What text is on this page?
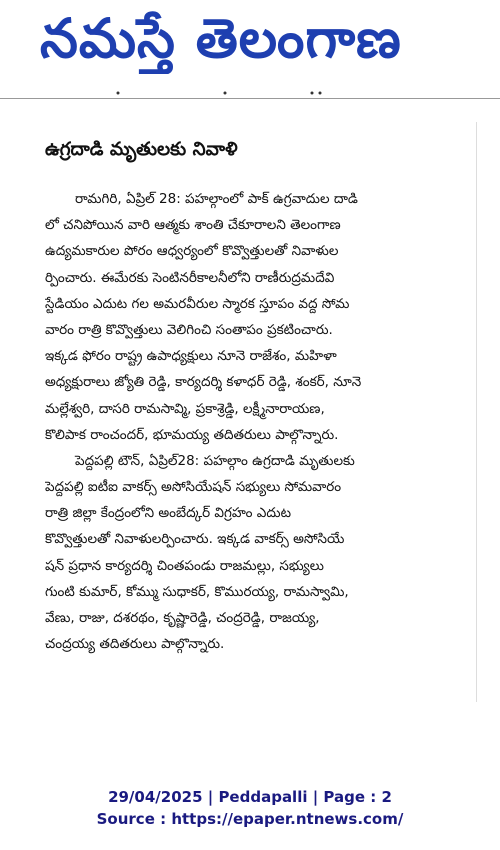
నమస్తే తెలంగాణ
ఉగ్రదాడి మృతులకు నివాళి
రామగిరి, ఏప్రిల్ 28: పహల్గాంలో పాక్ ఉగ్రవాదుల దాడి
లో చనిపోయిన వారి ఆత్మకు శాంతి చేకూరాలని తెలంగాణ
ఉద్యమకారుల పోరం ఆధ్వర్యంలో కొవ్వొత్తులతో నివాళుల
ర్పించారు. ఈమేరకు సెంటినరీకాలనీలోని రాణీరుద్రమదేవి
స్టేడియం ఎదుట గల అమరవీరుల స్మారక స్తూపం వద్ద సోమ
వారం రాత్రి కొవ్వొత్తులు వెలిగించి సంతాపం ప్రకటించారు.
ఇక్కడ ఫోరం రాష్ట్ర ఉపాధ్యక్షులు నూనె రాజేశం, మహిళా
అధ్యక్షురాలు జ్యోతి రెడ్డి, కార్యదర్శి కళాధర్ రెడ్డి, శంకర్, నూనె
మల్లేశ్వరి, దాసరి రామసావ్మి, ప్రకాశ్రెడ్డి, లక్ష్మీనారాయణ,
కొలిపాక రాంచందర్, భూమయ్య తదితరులు పాల్గొన్నారు.
పెద్దపల్లి టౌన్, ఏప్రిల్28: పహల్గాం ఉగ్రదాడి మృతులకు
పెద్దపల్లి ఐటీఐ వాకర్స్ అసోసియేషన్ సభ్యులు సోమవారం
రాత్రి జిల్లా కేంద్రంలోని అంబేద్కర్ విగ్రహం ఎదుట
కొవ్వొత్తులతో నివాళులర్పించారు. ఇక్కడ వాకర్స్ అసోసియే
షన్ ప్రధాన కార్యదర్శి చింతపండు రాజమల్లు, సభ్యులు
గుంటి కుమార్, కోమ్ము సుధాకర్, కొమురయ్య, రామస్వామి,
వేణు, రాజు, దశరథం, కృష్ణారెడ్డి, చంద్రరెడ్డి, రాజయ్య,
చంద్రయ్య తదితరులు పాల్గొన్నారు.
29/04/2025 | Peddapalli | Page : 2
Source : https://epaper.ntnews.com/
